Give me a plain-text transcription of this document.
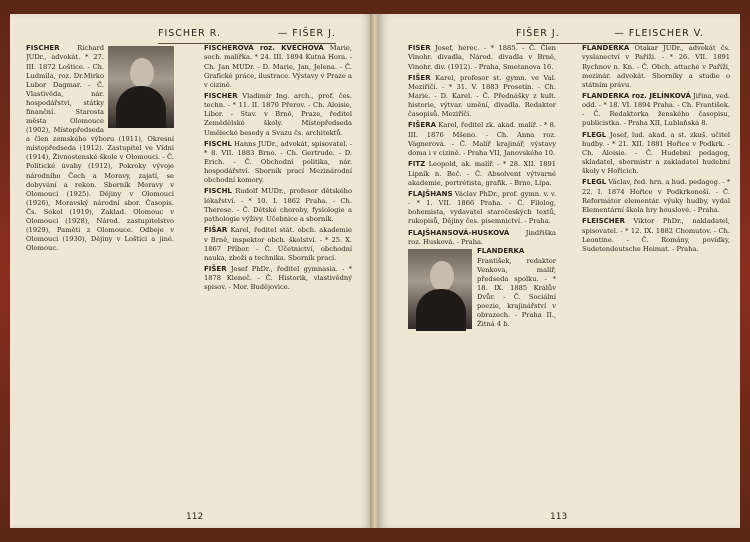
FISCHER R.	— FIŠER J.

FISCHER	Richard JUDr., advokát. * 27. III. 1872 Loštice. - Ch. Ludmila, roz. Dr.Mirko Lubor Dagmar. - Č. Vlastivěda, nár. hospodářství, státky finanční. Starosta města Olomouce (1902), Místopředseda a člen zemského výboru (1911), Okresní místopředseda (1912). Zastupitel ve Vídni (1914), Živnostenské škole v Olomouci. - Č. Politické úvahy (1912), Pokroky vývoje národního Čech a Moravy, zajatí, se dobyvání a rekon. Sborník Moravy v Olomouci (1925). Dějiny v Olomouci (1926), Moravský národní sbor. Časopis. Čs. Sokol (1919), Zaklad. Olomouc v Olomouci (1928), Národ. zastupitelstvo (1929), Paměti z Olomouce. Odboje v Olomouci (1930), Dějiny v Loštici a jiné. Olomouc.

FISCHEROVÁ roz. KVĚCHOVÁ Marie, soch. malířka. * 24. III. 1894 Kutná Hora. - Ch. Jan MUDr. - D. Marie, Jan, Jelena. - Č. Grafické práce, ilustrace. Výstavy v Praze a v cizině.

FISCHER Vladimír Ing. arch., prof. čes. techn. - * 11. II. 1870 Přerov. - Ch. Aloisie, Libor. - Stav. v Brně, Praze, ředitel Zemědělské školy. Místopředseda Umělecké besedy a Svazu čs. architektů.

FISCHL Hanns JUDr., advokát, spisovatel. - * 8. VII. 1883 Brno. - Ch. Gertrude. - D. Erich. - Č. Obchodní politika, nár. hospodářství. Sborník prací Mezinárodní obchodní komory.

FISCHL Rudolf MUDr., profesor dětského lékařství. - * 10. I. 1862 Praha. - Ch. Therese. - Č. Dětské choroby, fysiologie a pathologie výživy. Učebnice a sborník.

FIŠAR Karel, ředitel stát. obch. akademie v Brně, inspektor obch. školství. - * 25. X. 1867 Příbor. - Č. Účetnictví, obchodní nauka, zboží a technika. Sborník prací.

FIŠER Josef PhDr., ředitel gymnasia. - * 1878 Kleneč. - Č. Historik, vlastivědný spisov. - Mor. Budějovice.

112
FIŠER J.	— FLEISCHER V.

FIŠER Josef, herec. - * 1885. - Č. Člen Vinohr. divadla, Národ. divadla v Brně, Vinohr. div. (1912). - Praha, Smetanova 16.

FIŠER Karel, profesor st. gymn. ve Val. Meziříčí. - * 31. V. 1883 Prosetín. - Ch. Marie. - D. Karel. - Č. Přednášky z kult. historie, výtvar. umění, divadla. Redaktor časopisů. Meziříčí.

FIŠERA Karel, ředitel zk. akad. malíř. - * 8. III. 1876 Mšeno. - Ch. Anna roz. Vágnerová. - Č. Malíř krajinář, výstavy doma i v cizině. - Praha VII, Janovského 10.

FITZ Leopold, ak. malíř. - * 28. XII. 1891 Lipník n. Beč. - Č. Absolvent výtvarné akademie, portrétista, grafik. - Brno, Lípa.

FLAJŠHANS Václav PhDr., prof. gymn. v. v. - * 1. VII. 1866 Praha. - Č. Filolog, bohemista, vydavatel staročeských textů, rukopisů, Dějiny čes. písemnictví. - Praha.

FLAJŠHANSOVÁ-HUSKOVÁ Jindřiška roz. Husková. - Praha.

FLANDERKA František, redaktor Venkova, malíř, předseda spolku. - * 18. IX. 1885 Králův Dvůr. - Č. Sociální poezie, krajinářství v obrazech. - Praha II., Žitná 4 b.

FLANDERKA Otakar JUDr., advokát čs. vyslanectví v Paříži. - * 26. VII. 1891 Rychnov n. Kn. - Č. Obch. attaché v Paříži, mezinár. advokát. Sborníky a studie o státním právu.

FLANDERKA roz. JELÍNKOVÁ Jiřina, ved. odd. - * 18. VI. 1894 Praha. - Ch. František. - Č. Redaktorka ženského časopisu, publicistka. - Praha XII, Lublaňská 8.

FLEGL Josef, lud. akad. a st. zkuš. učitel hudby. - * 21. XII. 1881 Hořice v Podkrk. - Ch. Aloisie. - Č. Hudební pedagog, skladatel, sbormistr a zakladatel hudební školy v Hořicích.

FLEGL Václav, řed. hrn. a hud. pedagog. - * 22. I. 1874 Hořice v Podkrkonoší. - Č. Reformátor elementár. výuky hudby, vydal Elementární škola hry houslové. - Praha.

FLEISCHER Viktor PhDr., nakladatel, spisovatel. - * 12. IX. 1882 Chomutov. - Ch. Leontine. - Č. Romány, povídky, Sudetendeutsche Heimat. - Praha.

113
